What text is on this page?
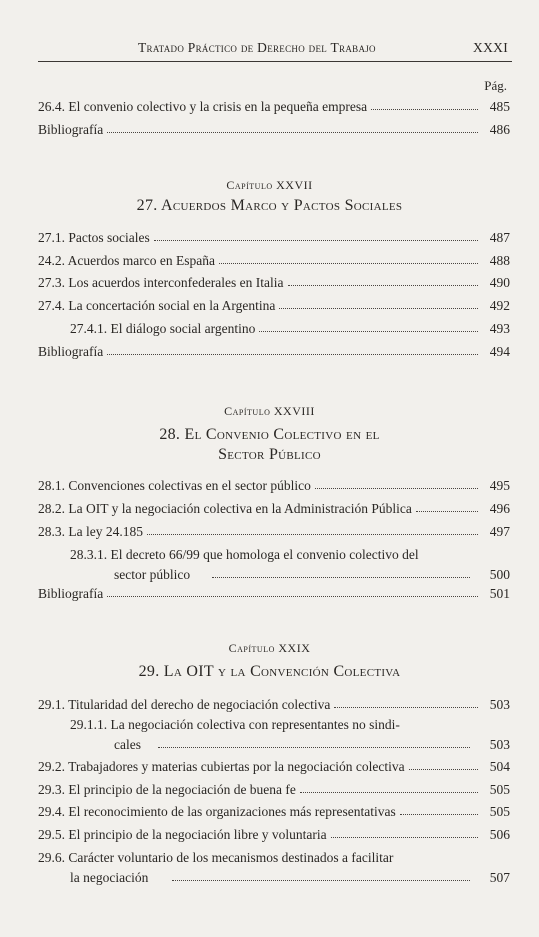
Tratado Práctico de Derecho del Trabajo	XXXI
Pág.
26.4. El convenio colectivo y la crisis en la pequeña empresa	485
Bibliografía	486
Capítulo XXVII
27. Acuerdos Marco y Pactos Sociales
27.1. Pactos sociales	487
24.2. Acuerdos marco en España	488
27.3. Los acuerdos interconfederales en Italia	490
27.4. La concertación social en la Argentina	492
27.4.1. El diálogo social argentino	493
Bibliografía	494
Capítulo XXVIII
28. El Convenio Colectivo en el
Sector Público
28.1. Convenciones colectivas en el sector público	495
28.2. La OIT y la negociación colectiva en la Administración Pública	496
28.3. La ley 24.185	497
28.3.1. El decreto 66/99 que homologa el convenio colectivo del
sector público	500
Bibliografía	501
Capítulo XXIX
29. La OIT y la Convención Colectiva
29.1. Titularidad del derecho de negociación colectiva	503
29.1.1. La negociación colectiva con representantes no sindi-
cales	503
29.2. Trabajadores y materias cubiertas por la negociación colectiva	504
29.3. El principio de la negociación de buena fe	505
29.4. El reconocimiento de las organizaciones más representativas	505
29.5. El principio de la negociación libre y voluntaria	506
29.6. Carácter voluntario de los mecanismos destinados a facilitar
la negociación	507
